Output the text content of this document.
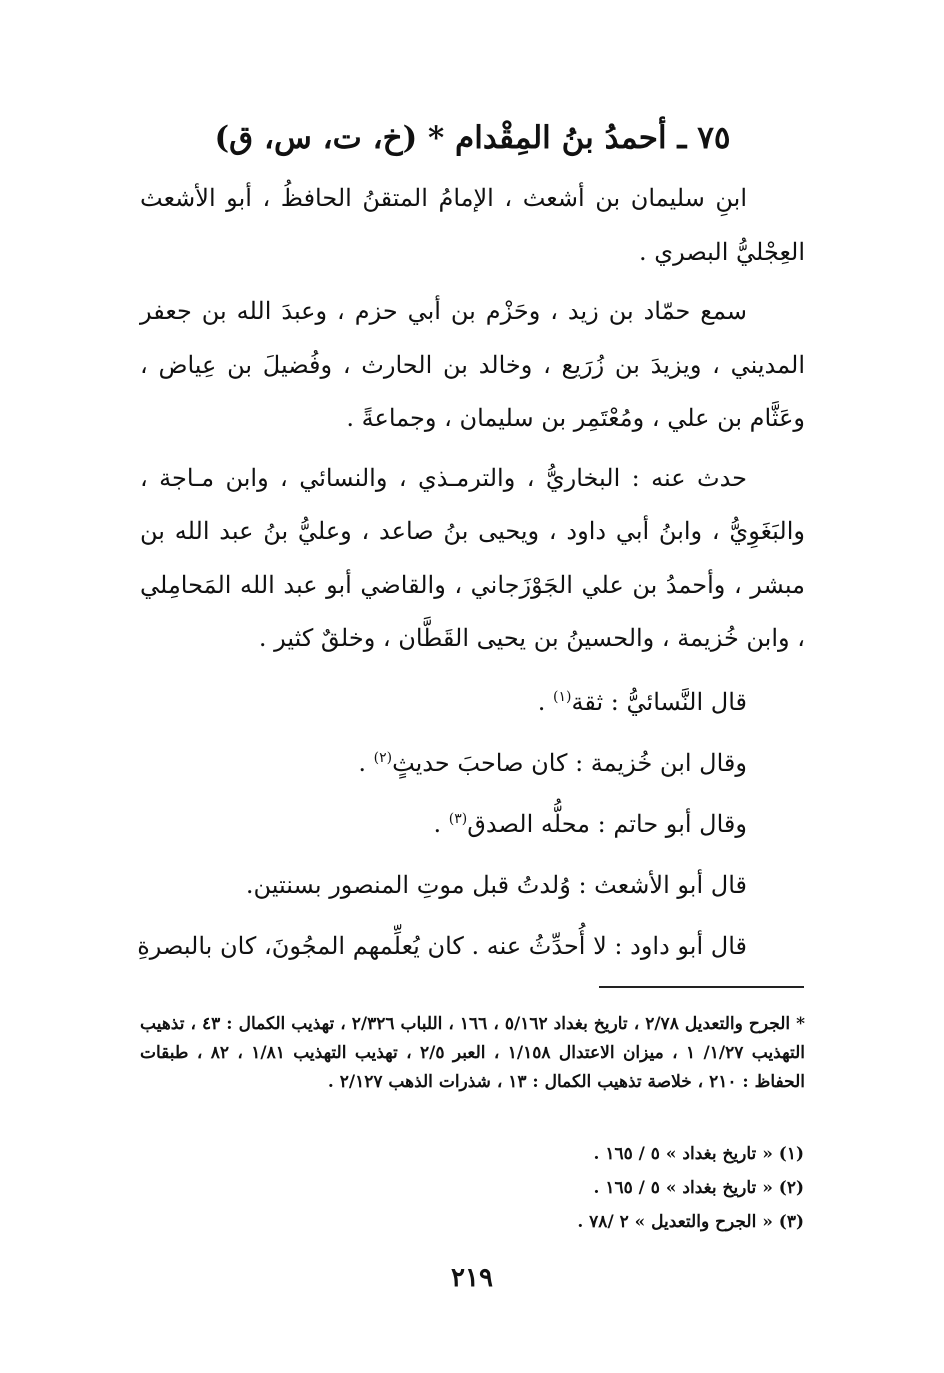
٧٥ ـ أحمدُ بنُ المِقْدام * (خ، ت، س، ق)

ابنِ سليمان بن أشعث ، الإمامُ المتقنُ الحافظُ ، أبو الأشعث العِجْليُّ البصري .

سمع حمّاد بن زيد ، وحَزْم بن أبي حزم ، وعبدَ الله بن جعفر المديني ، ويزيدَ بن زُرَيع ، وخالد بن الحارث ، وفُضيلَ بن عِياض ، وعَثَّام بن علي ، ومُعْتَمِر بن سليمان ، وجماعةً .

حدث عنه : البخاريُّ ، والترمـذي ، والنسائي ، وابن مـاجة ، والبَغَوِيُّ ، وابنُ أبي داود ، ويحيى بنُ صاعد ، وعليُّ بنُ عبد الله بن مبشر ، وأحمدُ بن علي الجَوْزَجاني ، والقاضي أبو عبد الله المَحامِلي ، وابن خُزيمة ، والحسينُ بن يحيى القَطَّان ، وخلقٌ كثير .

قال النَّسائيُّ : ثقة$^{(١)}$ .

وقال ابن خُزيمة : كان صاحبَ حديثٍ$^{(٢)}$ .

وقال أبو حاتم : محلُّه الصدق$^{(٣)}$ .

قال أبو الأشعث : وُلدتُ قبل موتِ المنصور بسنتين.

قال أبو داود : لا أُحدِّثُ عنه . كان يُعلِّمهم المجُونَ، كان بالبصرةِ

* الجرح والتعديل ٢/٧٨ ، تاريخ بغداد ٥/١٦٢ ، ١٦٦ ، اللباب ٢/٣٢٦ ، تهذيب الكمال : ٤٣ ، تذهيب التهذيب ١/٢٧/ ١ ، ميزان الاعتدال ١/١٥٨ ، العبر ٢/٥ ، تهذيب التهذيب ١/٨١ ، ٨٢ ، طبقات الحفاظ : ٢١٠ ، خلاصة تذهيب الكمال : ١٣ ، شذرات الذهب ٢/١٢٧ .
(١) « تاريخ بغداد » ٥ / ١٦٥ .
(٢) « تاريخ بغداد » ٥ / ١٦٥ .
(٣) « الجرح والتعديل » ٢ /٧٨ .
٢١٩
